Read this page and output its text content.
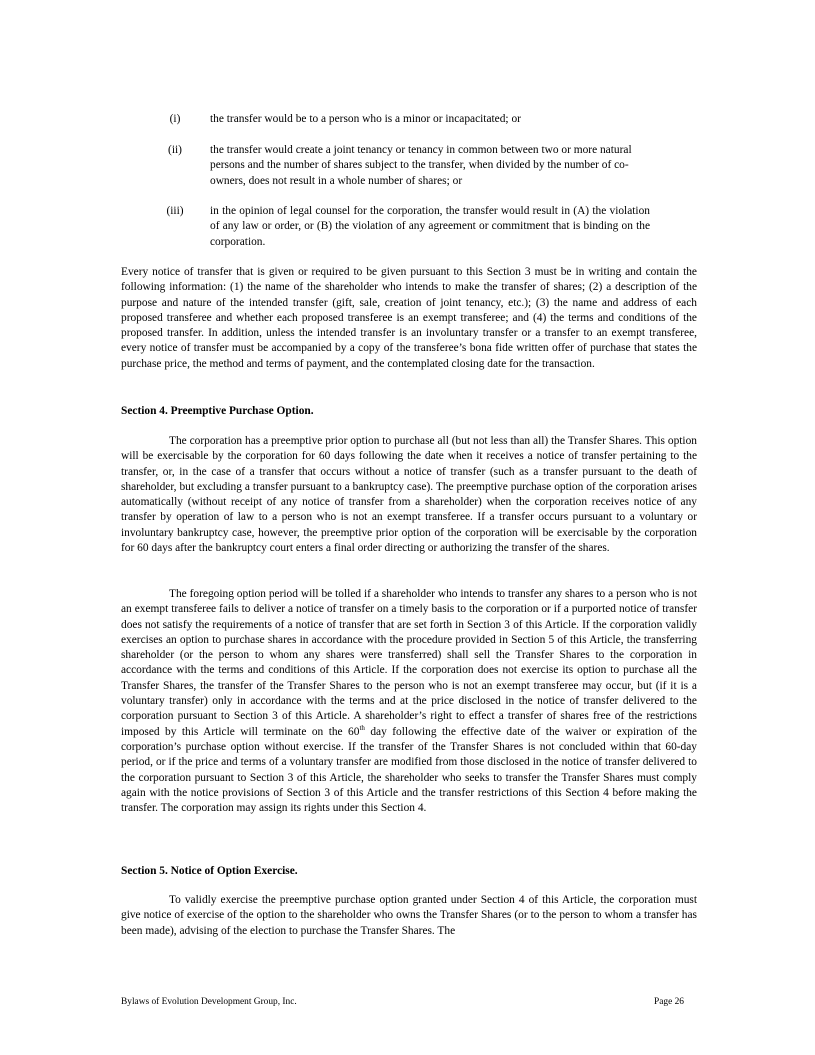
(i)	the transfer would be to a person who is a minor or incapacitated; or
(ii)	the transfer would create a joint tenancy or tenancy in common between two or more natural persons and the number of shares subject to the transfer, when divided by the number of co-owners, does not result in a whole number of shares; or
(iii)	in the opinion of legal counsel for the corporation, the transfer would result in (A) the violation of any law or order, or (B) the violation of any agreement or commitment that is binding on the corporation.
Every notice of transfer that is given or required to be given pursuant to this Section 3 must be in writing and contain the following information: (1) the name of the shareholder who intends to make the transfer of shares; (2) a description of the purpose and nature of the intended transfer (gift, sale, creation of joint tenancy, etc.); (3) the name and address of each proposed transferee and whether each proposed transferee is an exempt transferee; and (4) the terms and conditions of the proposed transfer. In addition, unless the intended transfer is an involuntary transfer or a transfer to an exempt transferee, every notice of transfer must be accompanied by a copy of the transferee’s bona fide written offer of purchase that states the purchase price, the method and terms of payment, and the contemplated closing date for the transaction.
Section 4. Preemptive Purchase Option.
The corporation has a preemptive prior option to purchase all (but not less than all) the Transfer Shares. This option will be exercisable by the corporation for 60 days following the date when it receives a notice of transfer pertaining to the transfer, or, in the case of a transfer that occurs without a notice of transfer (such as a transfer pursuant to the death of shareholder, but excluding a transfer pursuant to a bankruptcy case). The preemptive purchase option of the corporation arises automatically (without receipt of any notice of transfer from a shareholder) when the corporation receives notice of any transfer by operation of law to a person who is not an exempt transferee. If a transfer occurs pursuant to a voluntary or involuntary bankruptcy case, however, the preemptive prior option of the corporation will be exercisable by the corporation for 60 days after the bankruptcy court enters a final order directing or authorizing the transfer of the shares.
The foregoing option period will be tolled if a shareholder who intends to transfer any shares to a person who is not an exempt transferee fails to deliver a notice of transfer on a timely basis to the corporation or if a purported notice of transfer does not satisfy the requirements of a notice of transfer that are set forth in Section 3 of this Article. If the corporation validly exercises an option to purchase shares in accordance with the procedure provided in Section 5 of this Article, the transferring shareholder (or the person to whom any shares were transferred) shall sell the Transfer Shares to the corporation in accordance with the terms and conditions of this Article. If the corporation does not exercise its option to purchase all the Transfer Shares, the transfer of the Transfer Shares to the person who is not an exempt transferee may occur, but (if it is a voluntary transfer) only in accordance with the terms and at the price disclosed in the notice of transfer delivered to the corporation pursuant to Section 3 of this Article. A shareholder’s right to effect a transfer of shares free of the restrictions imposed by this Article will terminate on the 60th day following the effective date of the waiver or expiration of the corporation’s purchase option without exercise. If the transfer of the Transfer Shares is not concluded within that 60-day period, or if the price and terms of a voluntary transfer are modified from those disclosed in the notice of transfer delivered to the corporation pursuant to Section 3 of this Article, the shareholder who seeks to transfer the Transfer Shares must comply again with the notice provisions of Section 3 of this Article and the transfer restrictions of this Section 4 before making the transfer. The corporation may assign its rights under this Section 4.
Section 5. Notice of Option Exercise.
To validly exercise the preemptive purchase option granted under Section 4 of this Article, the corporation must give notice of exercise of the option to the shareholder who owns the Transfer Shares (or to the person to whom a transfer has been made), advising of the election to purchase the Transfer Shares. The
Bylaws of Evolution Development Group, Inc.	Page 26
